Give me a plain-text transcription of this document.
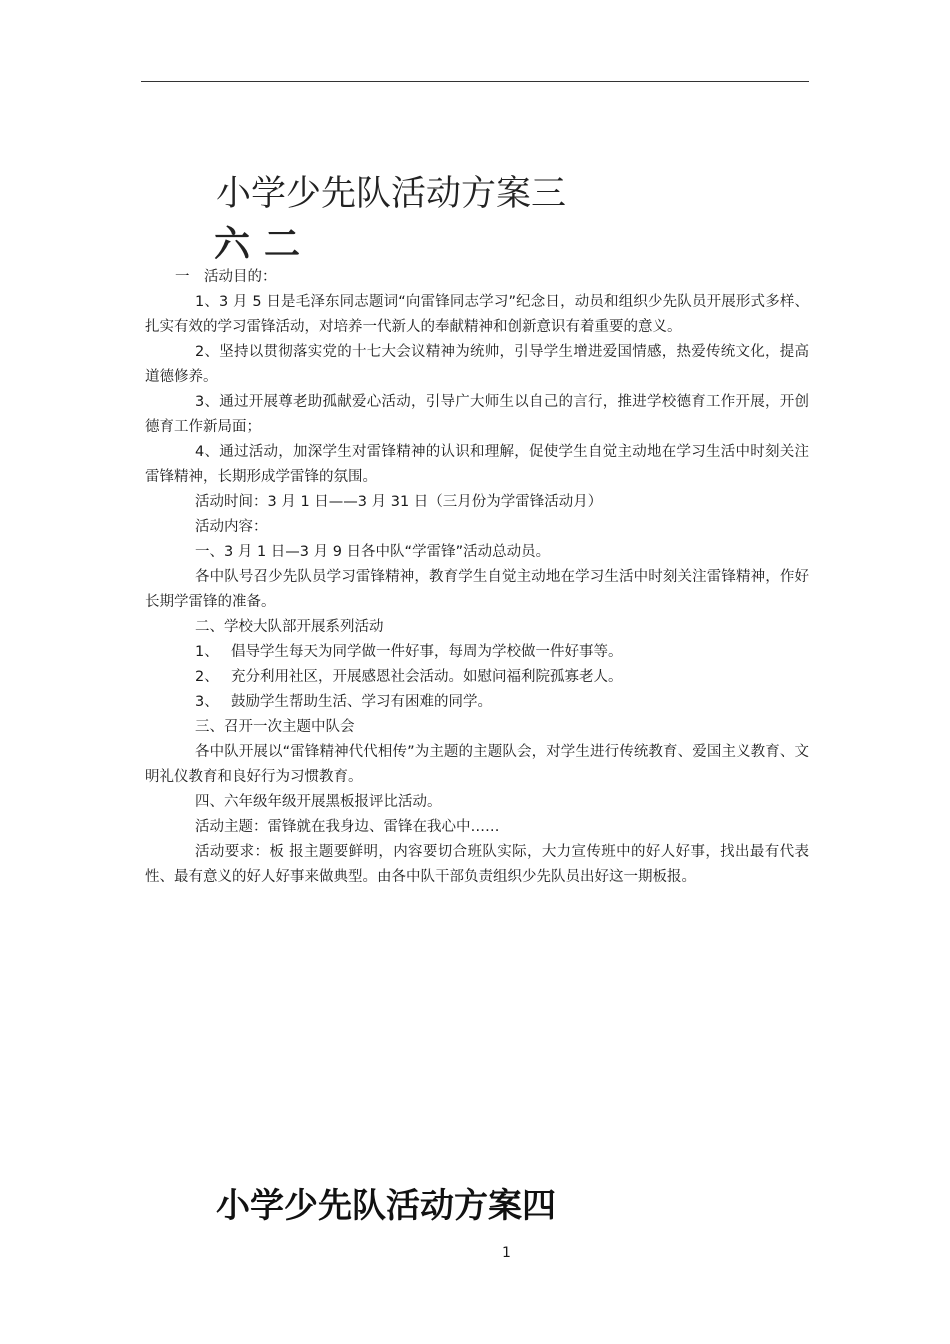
小学少先队活动方案三
六二

一　活动目的：

1、3 月 5 日是毛泽东同志题词“向雷锋同志学习”纪念日，动员和组织少先队员开展形式多样、扎实有效的学习雷锋活动，对培养一代新人的奉献精神和创新意识有着重要的意义。

2、坚持以贯彻落实党的十七大会议精神为统帅，引导学生增进爱国情感，热爱传统文化，提高道德修养。

3、通过开展尊老助孤献爱心活动，引导广大师生以自己的言行，推进学校德育工作开展，开创德育工作新局面；

4、通过活动，加深学生对雷锋精神的认识和理解，促使学生自觉主动地在学习生活中时刻关注雷锋精神，长期形成学雷锋的氛围。

活动时间：3 月 1 日——3 月 31 日（三月份为学雷锋活动月）

活动内容：

一、3 月 1 日—3 月 9 日各中队“学雷锋”活动总动员。

各中队号召少先队员学习雷锋精神，教育学生自觉主动地在学习生活中时刻关注雷锋精神，作好长期学雷锋的准备。

二、学校大队部开展系列活动

1、 倡导学生每天为同学做一件好事，每周为学校做一件好事等。

2、 充分利用社区，开展感恩社会活动。如慰问福利院孤寡老人。

3、 鼓励学生帮助生活、学习有困难的同学。

三、召开一次主题中队会

各中队开展以“雷锋精神代代相传”为主题的主题队会，对学生进行传统教育、爱国主义教育、文明礼仪教育和良好行为习惯教育。

四、六年级年级开展黑板报评比活动。

活动主题：雷锋就在我身边、雷锋在我心中……

活动要求：板 报主题要鲜明，内容要切合班队实际，大力宣传班中的好人好事，找出最有代表性、最有意义的好人好事来做典型。由各中队干部负责组织少先队员出好这一期板报。

小学少先队活动方案四
1
